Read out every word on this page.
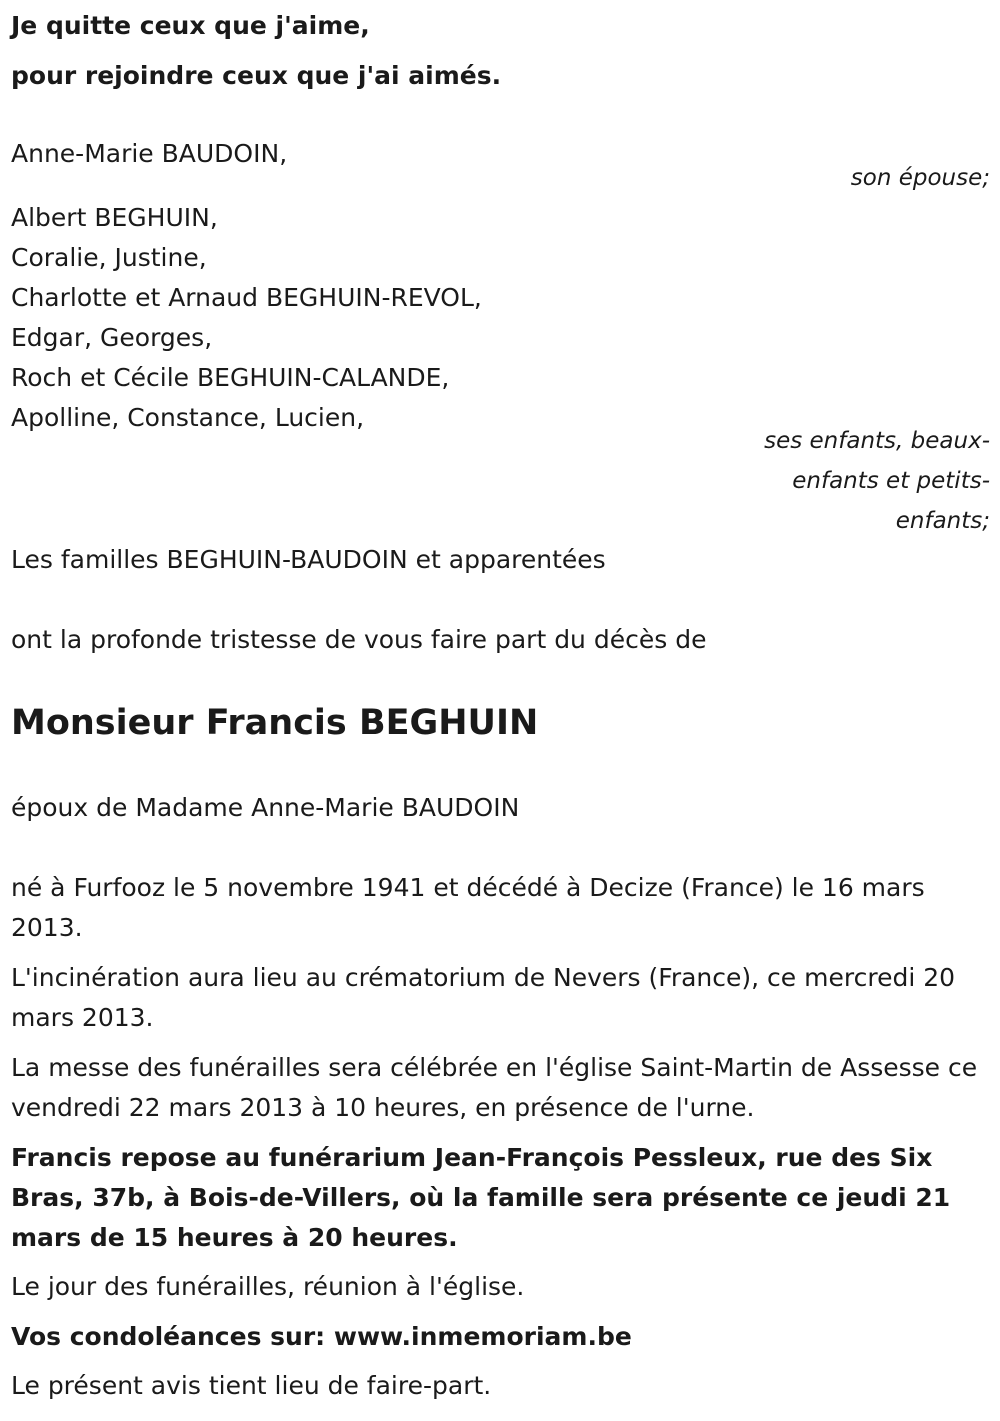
Je quitte ceux que j'aime,
pour rejoindre ceux que j'ai aimés.
Anne-Marie BAUDOIN,
son épouse;
Albert BEGHUIN,
Coralie, Justine,
Charlotte et Arnaud BEGHUIN-REVOL,
Edgar, Georges,
Roch et Cécile BEGHUIN-CALANDE,
Apolline, Constance, Lucien,
ses enfants, beaux-
enfants et petits-
enfants;
Les familles BEGHUIN-BAUDOIN et apparentées
ont la profonde tristesse de vous faire part du décès de
Monsieur Francis BEGHUIN
époux de Madame Anne-Marie BAUDOIN
né à Furfooz le 5 novembre 1941 et décédé à Decize (France) le 16 mars 2013.
L'incinération aura lieu au crématorium de Nevers (France), ce mercredi 20 mars 2013.
La messe des funérailles sera célébrée en l'église Saint-Martin de Assesse ce vendredi 22 mars 2013 à 10 heures, en présence de l'urne.
Francis repose au funérarium Jean-François Pessleux, rue des Six Bras, 37b, à Bois-de-Villers, où la famille sera présente ce jeudi 21 mars de 15 heures à 20 heures.
Le jour des funérailles, réunion à l'église.
Vos condoléances sur: www.inmemoriam.be
Le présent avis tient lieu de faire-part.
